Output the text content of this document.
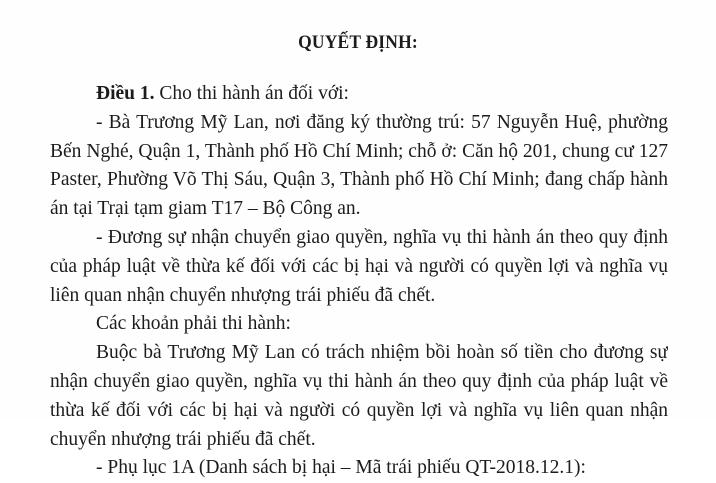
QUYẾT ĐỊNH:
Điều 1. Cho thi hành án đối với:
- Bà Trương Mỹ Lan, nơi đăng ký thường trú: 57 Nguyễn Huệ, phường
Bến Nghé, Quận 1, Thành phố Hồ Chí Minh; chỗ ở: Căn hộ 201, chung cư 127
Paster, Phường Võ Thị Sáu, Quận 3, Thành phố Hồ Chí Minh; đang chấp hành
án tại Trại tạm giam T17 – Bộ Công an.
- Đương sự nhận chuyển giao quyền, nghĩa vụ thi hành án theo quy định
của pháp luật về thừa kế đối với các bị hại và người có quyền lợi và nghĩa vụ
liên quan nhận chuyển nhượng trái phiếu đã chết.
Các khoản phải thi hành:
Buộc bà Trương Mỹ Lan có trách nhiệm bồi hoàn số tiền cho đương sự
nhận chuyển giao quyền, nghĩa vụ thi hành án theo quy định của pháp luật về
thừa kế đối với các bị hại và người có quyền lợi và nghĩa vụ liên quan nhận
chuyển nhượng trái phiếu đã chết.
- Phụ lục 1A (Danh sách bị hại – Mã trái phiếu QT-2018.12.1):
